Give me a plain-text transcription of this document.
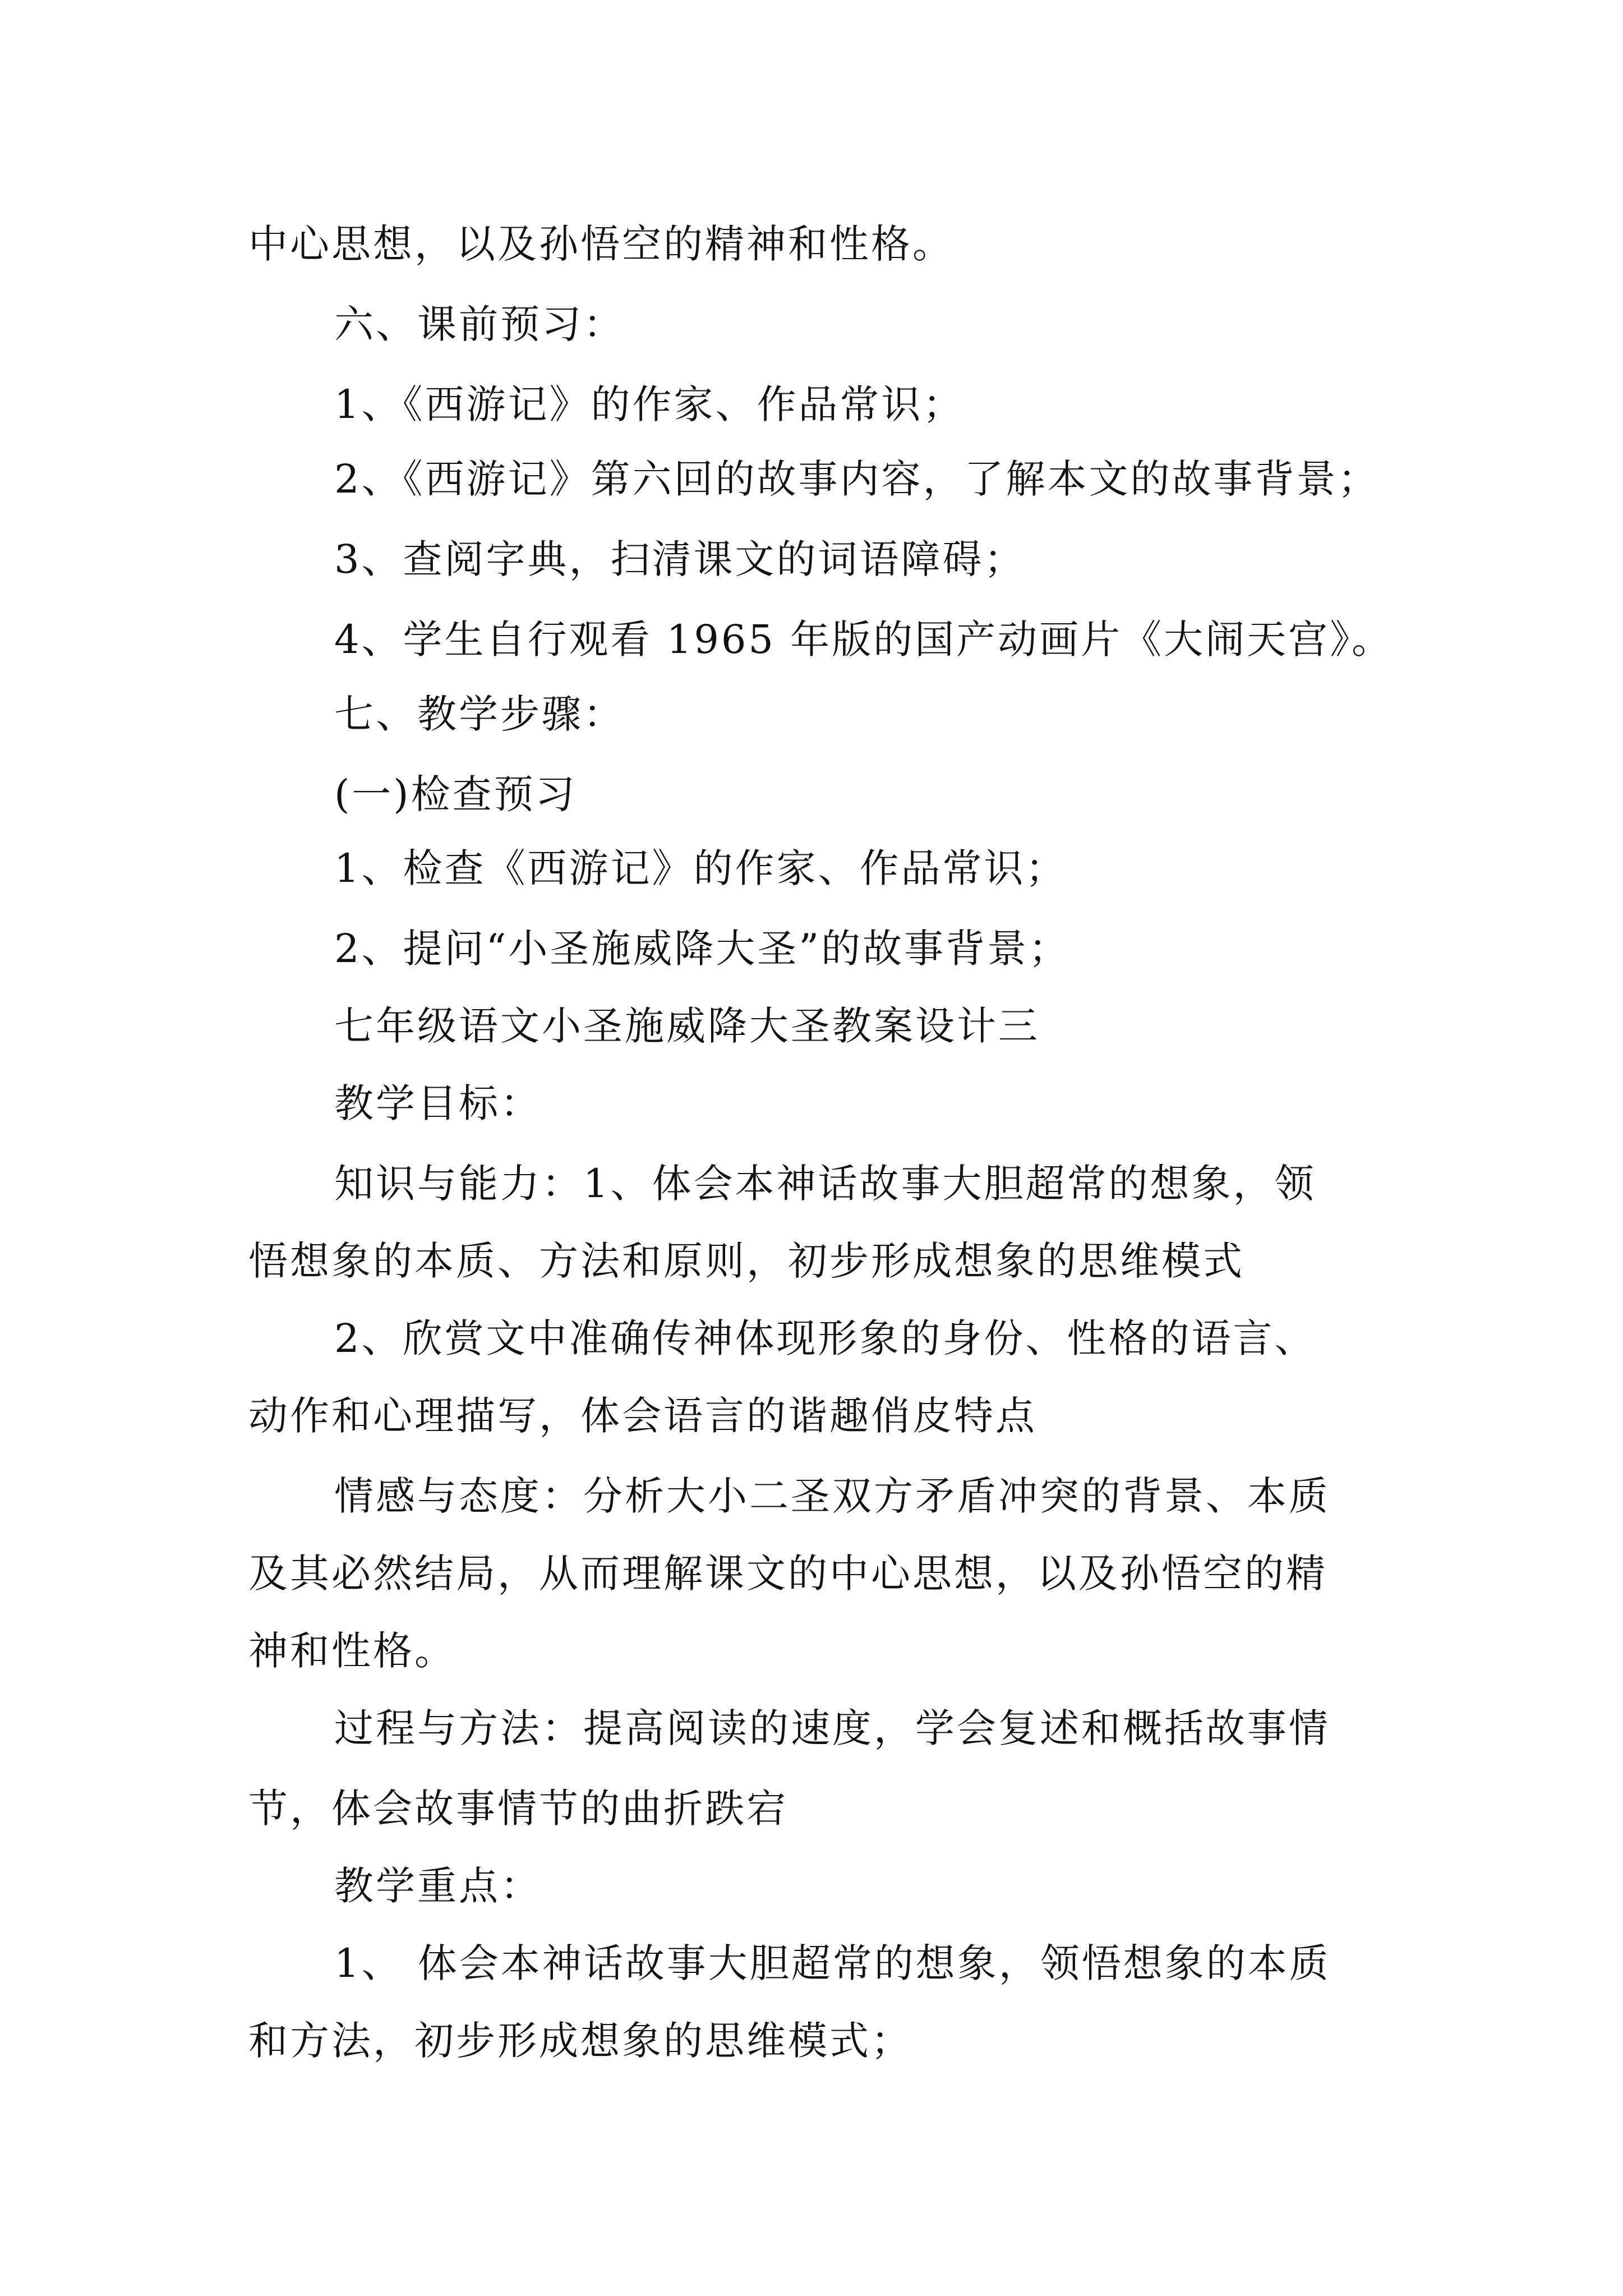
中心思想，以及孙悟空的精神和性格。
六、课前预习：
1、《西游记》的作家、作品常识；
2、《西游记》第六回的故事内容，了解本文的故事背景；
3、查阅字典，扫清课文的词语障碍；
4、学生自行观看 1965 年版的国产动画片《大闹天宫》。
七、教学步骤：
(一)检查预习
1、检查《西游记》的作家、作品常识；
2、提问“小圣施威降大圣”的故事背景；
七年级语文小圣施威降大圣教案设计三
教学目标：
知识与能力：1、体会本神话故事大胆超常的想象，领
悟想象的本质、方法和原则，初步形成想象的思维模式
2、欣赏文中准确传神体现形象的身份、性格的语言、
动作和心理描写，体会语言的谐趣俏皮特点
情感与态度：分析大小二圣双方矛盾冲突的背景、本质
及其必然结局，从而理解课文的中心思想，以及孙悟空的精
神和性格。
过程与方法：提高阅读的速度，学会复述和概括故事情
节，体会故事情节的曲折跌宕
教学重点：
1、 体会本神话故事大胆超常的想象，领悟想象的本质
和方法，初步形成想象的思维模式；
